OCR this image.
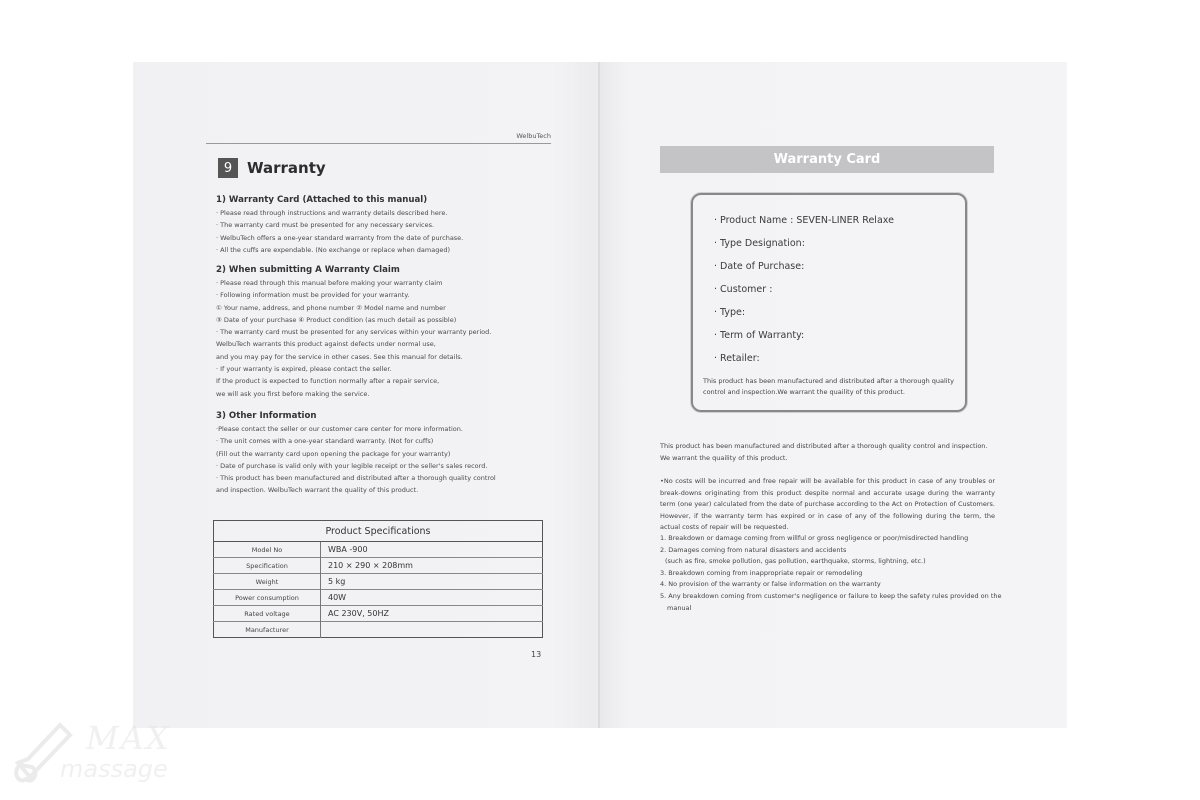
WelbuTech
9 Warranty
1) Warranty Card (Attached to this manual)
· Please read through instructions and warranty details described here.
· The warranty card must be presented for any necessary services.
· WelbuTech offers a one-year standard warranty from the date of purchase.
· All the cuffs are expendable. (No exchange or replace when damaged)
2) When submitting A Warranty Claim
· Please read through this manual before making your warranty claim
· Following information must be provided for your warranty.
① Your name, address, and phone number ② Model name and number
③ Date of your purchase ④ Product condition (as much detail as possible)
· The warranty card must be presented for any services within your warranty period.
WelbuTech warrants this product against defects under normal use,
and you may pay for the service in other cases. See this manual for details.
· If your warranty is expired, please contact the seller.
If the product is expected to function normally after a repair service,
we will ask you first before making the service.
3) Other Information
·Please contact the seller or our customer care center for more information.
· The unit comes with a one-year standard warranty. (Not for cuffs)
(Fill out the warranty card upon opening the package for your warranty)
· Date of purchase is valid only with your legible receipt or the seller's sales record.
· This product has been manufactured and distributed after a thorough quality control
and inspection. WelbuTech warrant the quality of this product.
Product Specifications	
Model No	WBA -900
Specification	210 × 290 × 208mm
Weight	5 kg
Power consumption	40W
Rated voltage	AC 230V, 50HZ
Manufacturer	
13
Warranty Card
· Product Name : SEVEN-LINER Relaxe
· Type Designation:
· Date of Purchase:
· Customer :
· Type:
· Term of Warranty:
· Retailer:
This product has been manufactured and distributed after a thorough quality control and inspection.We warrant the quaility of this product.
This product has been manufactured and distributed after a thorough quality control and inspection. We warrant the quaility of this product.
•No costs will be incurred and free repair will be available for this product in case of any troubles or break-downs originating from this product despite normal and accurate usage during the warranty term (one year) calculated from the date of purchase according to the Act on Protection of Customers. However, if the warranty term has expired or in case of any of the following during the term, the actual costs of repair will be requested.
1. Breakdown or damage coming from willful or gross negligence or poor/misdirected handling
2. Damages coming from natural disasters and accidents
(such as fire, smoke pollution, gas pollution, earthquake, storms, lightning, etc.)
3. Breakdown coming from inappropriate repair or remodeling
4. No provision of the warranty or false information on the warranty
5. Any breakdown coming from customer's negligence or failure to keep the safety rules provided on the
manual
MAX
massage
